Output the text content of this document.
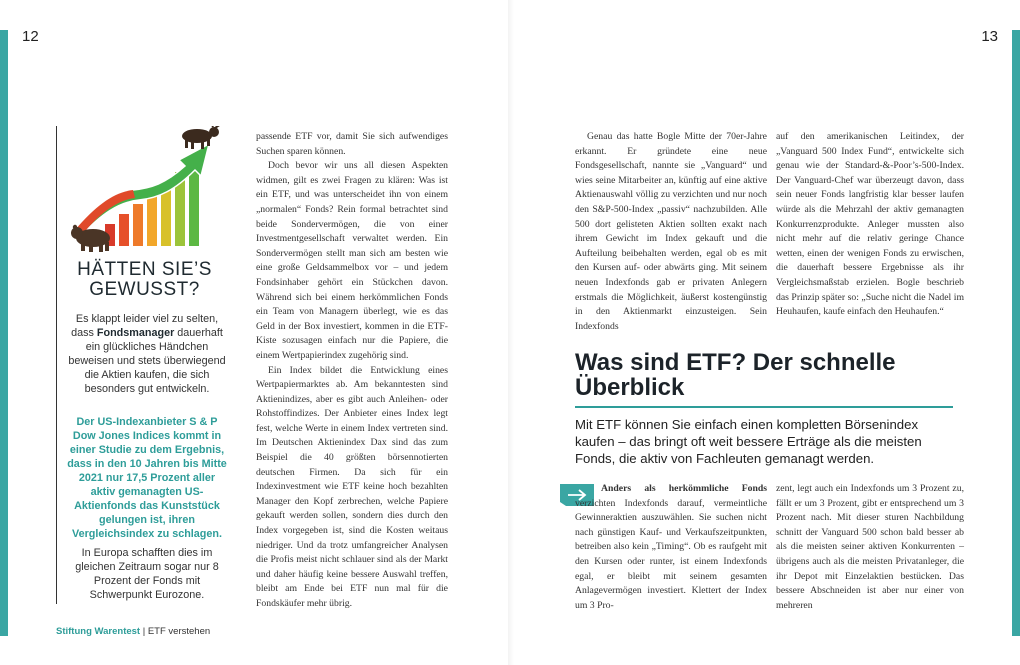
12	13
HÄTTEN SIE’S
GEWUSST?
Es klappt leider viel zu selten, dass Fondsmanager dauerhaft ein glückliches Händchen beweisen und stets überwiegend die Aktien kaufen, die sich besonders gut entwickeln.
Der US-Indexanbieter S & P Dow Jones Indices kommt in einer Studie zu dem Ergebnis, dass in den 10 Jahren bis Mitte 2021 nur 17,5 Prozent aller aktiv gemanagten US-Aktienfonds das Kunststück gelungen ist, ihren Vergleichsindex zu schlagen.
In Europa schafften dies im gleichen Zeitraum sogar nur 8 Prozent der Fonds mit Schwerpunkt Eurozone.

passende ETF vor, damit Sie sich aufwendiges Suchen sparen können.

Doch bevor wir uns all diesen Aspekten widmen, gilt es zwei Fragen zu klären: Was ist ein ETF, und was unterscheidet ihn von einem „normalen“ Fonds? Rein formal betrachtet sind beide Sondervermögen, die von einer Investmentgesellschaft verwaltet werden. Ein Sondervermögen stellt man sich am besten wie eine große Geldsammelbox vor – und jedem Fondsinhaber gehört ein Stückchen davon. Während sich bei einem herkömmlichen Fonds ein Team von Managern überlegt, wie es das Geld in der Box investiert, kommen in die ETF-Kiste sozusagen einfach nur die Papiere, die einem Wertpapierindex zugehörig sind.

Ein Index bildet die Entwicklung eines Wertpapiermarktes ab. Am bekanntesten sind Aktienindizes, aber es gibt auch Anleihen- oder Rohstoffindizes. Der Anbieter eines Index legt fest, welche Werte in einem Index vertreten sind. Im Deutschen Aktienindex Dax sind das zum Beispiel die 40 größten börsennotierten deutschen Firmen. Da sich für ein Indexinvestment wie ETF keine hoch bezahlten Manager den Kopf zerbrechen, welche Papiere gekauft werden sollen, sondern dies durch den Index vorgegeben ist, sind die Kosten weitaus niedriger. Und da trotz umfangreicher Analysen die Profis meist nicht schlauer sind als der Markt und daher häufig keine bessere Auswahl treffen, bleibt am Ende bei ETF nun mal für die Fondskäufer mehr übrig.

Genau das hatte Bogle Mitte der 70er-Jahre erkannt. Er gründete eine neue Fondsgesellschaft, nannte sie „Vanguard“ und wies seine Mitarbeiter an, künftig auf eine aktive Aktienauswahl völlig zu verzichten und nur noch den S&P-500-Index „passiv“ nachzubilden. Alle 500 dort gelisteten Aktien sollten exakt nach ihrem Gewicht im Index gekauft und die Aufteilung beibehalten werden, egal ob es mit den Kursen auf- oder abwärts ging. Mit seinem neuen Indexfonds gab er privaten Anlegern erstmals die Möglichkeit, äußerst kostengünstig in den Aktienmarkt einzusteigen. Sein Indexfonds

auf den amerikanischen Leitindex, der „Vanguard 500 Index Fund“, entwickelte sich genau wie der Standard-&-Poor’s-500-Index. Der Vanguard-Chef war überzeugt davon, dass sein neuer Fonds langfristig klar besser laufen würde als die Mehrzahl der aktiv gemanagten Konkurrenzprodukte. Anleger mussten also nicht mehr auf die relativ geringe Chance wetten, einen der wenigen Fonds zu erwischen, die dauerhaft bessere Ergebnisse als ihr Vergleichsmaßstab erzielen. Bogle beschrieb das Prinzip später so: „Suche nicht die Nadel im Heuhaufen, kaufe einfach den Heuhaufen.“

Was sind ETF? Der schnelle Überblick
Mit ETF können Sie einfach einen kompletten Börsenindex kaufen – das bringt oft weit bessere Erträge als die meisten Fonds, die aktiv von Fachleuten gemanagt werden.

Anders als herkömmliche Fonds verzichten Indexfonds darauf, vermeintliche Gewinneraktien auszuwählen. Sie suchen nicht nach günstigen Kauf- und Verkaufszeitpunkten, betreiben also kein „Timing“. Ob es raufgeht mit den Kursen oder runter, ist einem Indexfonds egal, er bleibt mit seinem gesamten Anlagevermögen investiert. Klettert der Index um 3 Pro-

zent, legt auch ein Indexfonds um 3 Prozent zu, fällt er um 3 Prozent, gibt er entsprechend um 3 Prozent nach. Mit dieser sturen Nachbildung schnitt der Vanguard 500 schon bald besser ab als die meisten seiner aktiven Konkurrenten – übrigens auch als die meisten Privatanleger, die ihr Depot mit Einzelaktien bestücken. Das bessere Abschneiden ist aber nur einer von mehreren

Stiftung Warentest | ETF verstehen
